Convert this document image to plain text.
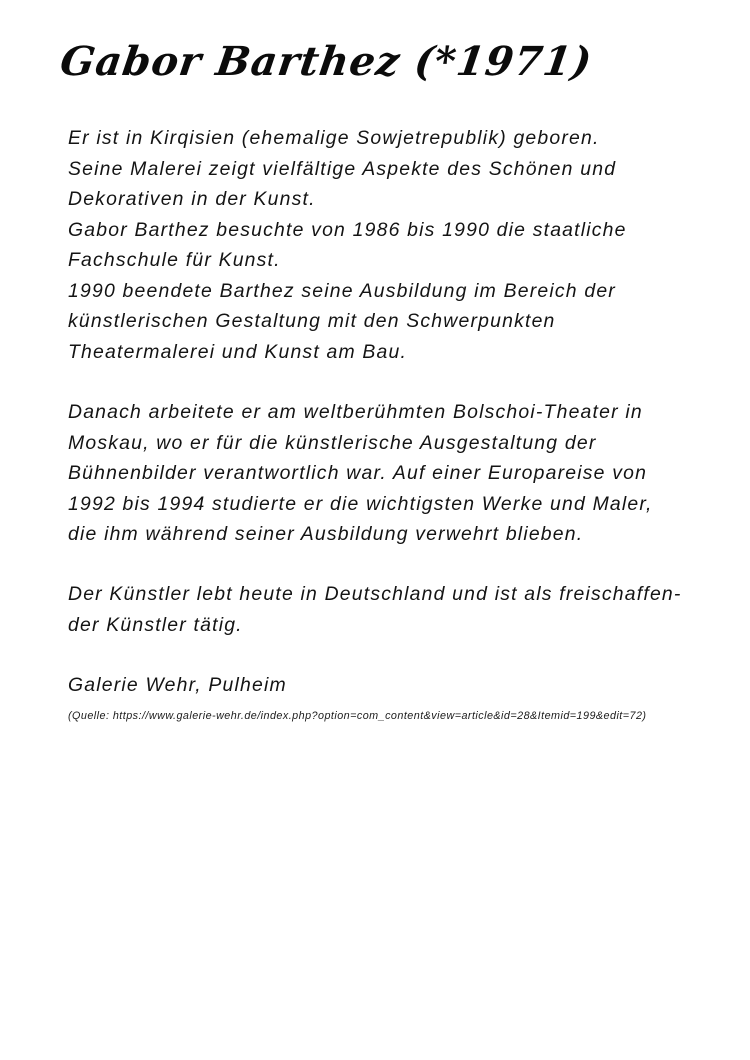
Gabor Barthez (*1971)

Er ist in Kirqisien (ehemalige Sowjetrepublik) geboren.
Seine Malerei zeigt vielfältige Aspekte des Schönen und
Dekorativen in der Kunst.
Gabor Barthez besuchte von 1986 bis 1990 die staatliche
Fachschule für Kunst.
1990 beendete Barthez seine Ausbildung im Bereich der
künstlerischen Gestaltung mit den Schwerpunkten
Theatermalerei und Kunst am Bau.

Danach arbeitete er am weltberühmten Bolschoi-Theater in
Moskau, wo er für die künstlerische Ausgestaltung der
Bühnenbilder verantwortlich war. Auf einer Europareise von
1992 bis 1994 studierte er die wichtigsten Werke und Maler,
die ihm während seiner Ausbildung verwehrt blieben.

Der Künstler lebt heute in Deutschland und ist als freischaffen-
der Künstler tätig.

Galerie Wehr, Pulheim

(Quelle: https://www.galerie-wehr.de/index.php?option=com_content&view=article&id=28&Itemid=199&edit=72)
